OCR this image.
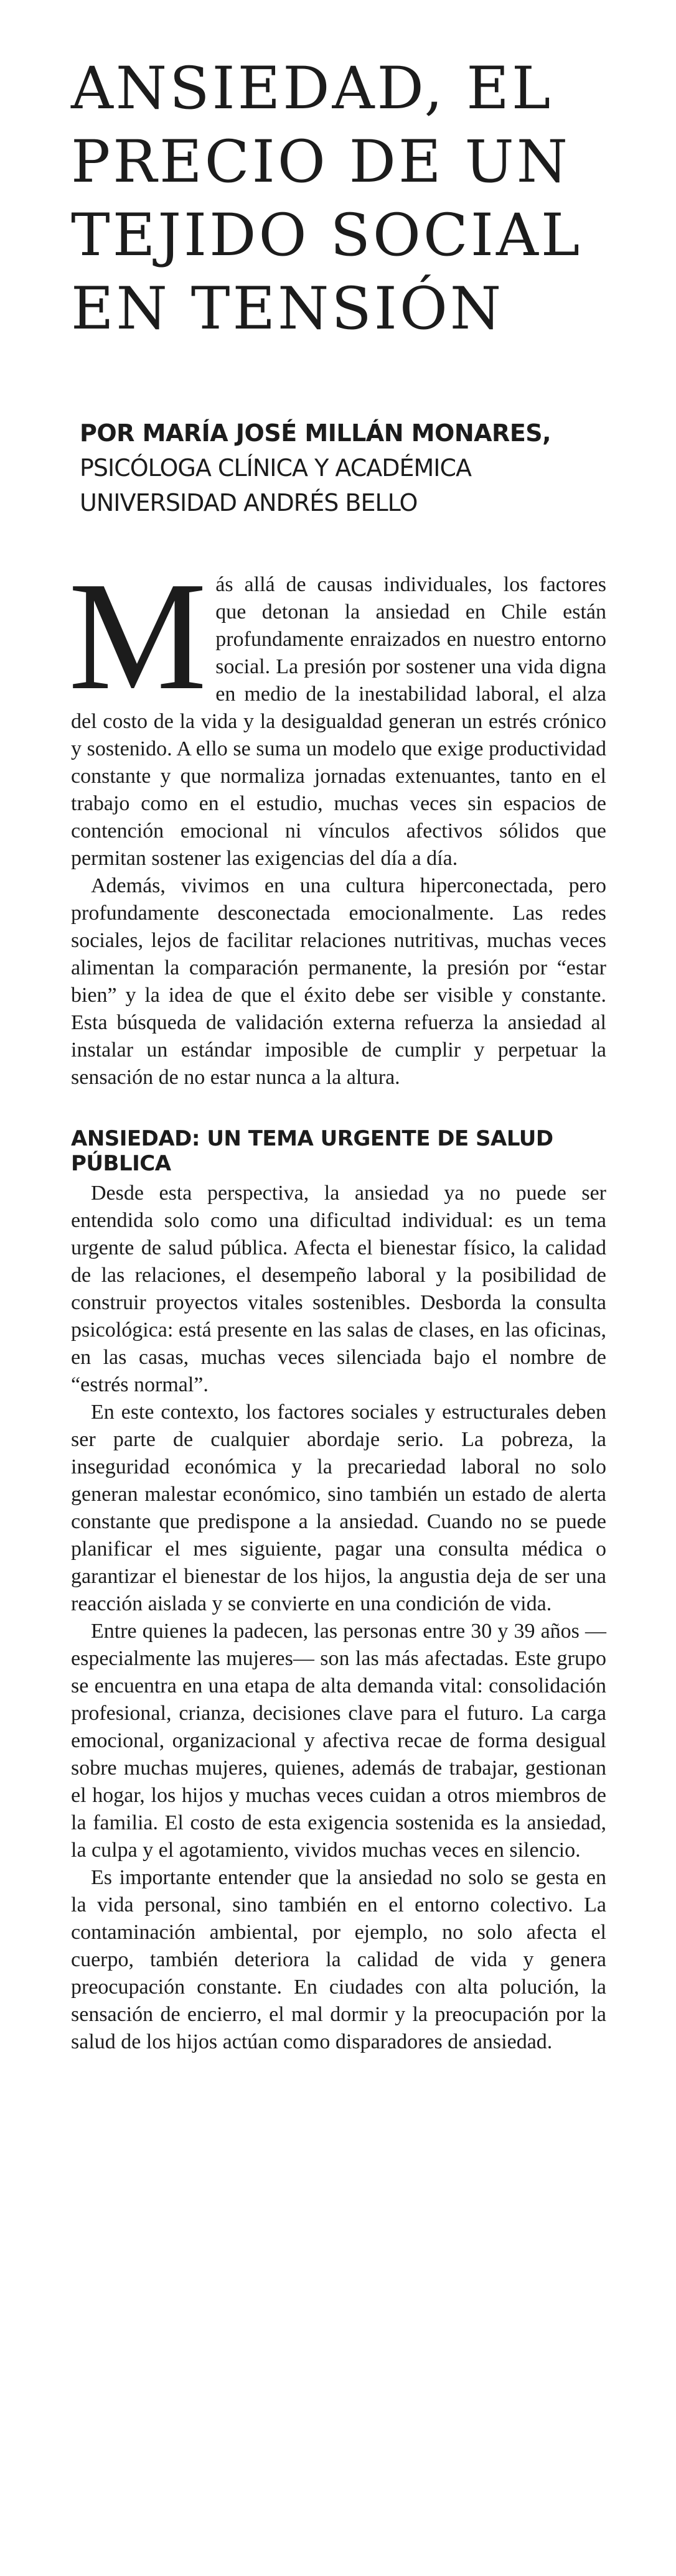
ANSIEDAD, EL
PRECIO DE UN
TEJIDO SOCIAL
EN TENSIÓN
POR MARÍA JOSÉ MILLÁN MONARES,
PSICÓLOGA CLÍNICA Y ACADÉMICA
UNIVERSIDAD ANDRÉS BELLO

Más allá de causas individuales, los factores que detonan la ansiedad en Chile están profundamente enraizados en nuestro entorno social. La presión por sostener una vida digna en medio de la inestabilidad laboral, el alza del costo de la vida y la desigualdad generan un estrés crónico y sostenido. A ello se suma un modelo que exige productividad constante y que normaliza jornadas extenuantes, tanto en el trabajo como en el estudio, muchas veces sin espacios de contención emocional ni vínculos afectivos sólidos que permitan sostener las exigencias del día a día.

Además, vivimos en una cultura hiperconectada, pero profundamente desconectada emocionalmente. Las redes sociales, lejos de facilitar relaciones nutritivas, muchas veces alimentan la comparación permanente, la presión por “estar bien” y la idea de que el éxito debe ser visible y constante. Esta búsqueda de validación externa refuerza la ansiedad al instalar un estándar imposible de cumplir y perpetuar la sensación de no estar nunca a la altura.

ANSIEDAD: UN TEMA URGENTE DE SALUD PÚBLICA

Desde esta perspectiva, la ansiedad ya no puede ser entendida solo como una dificultad individual: es un tema urgente de salud pública. Afecta el bienestar físico, la calidad de las relaciones, el desempeño laboral y la posibilidad de construir proyectos vitales sostenibles. Desborda la consulta psicológica: está presente en las salas de clases, en las oficinas, en las casas, muchas veces silenciada bajo el nombre de “estrés normal”.

En este contexto, los factores sociales y estructurales deben ser parte de cualquier abordaje serio. La pobreza, la inseguridad económica y la precariedad laboral no solo generan malestar económico, sino también un estado de alerta constante que predispone a la ansiedad. Cuando no se puede planificar el mes siguiente, pagar una consulta médica o garantizar el bienestar de los hijos, la angustia deja de ser una reacción aislada y se convierte en una condición de vida.

Entre quienes la padecen, las personas entre 30 y 39 años —especialmente las mujeres— son las más afectadas. Este grupo se encuentra en una etapa de alta demanda vital: consolidación profesional, crianza, decisiones clave para el futuro. La carga emocional, organizacional y afectiva recae de forma desigual sobre muchas mujeres, quienes, además de trabajar, gestionan el hogar, los hijos y muchas veces cuidan a otros miembros de la familia. El costo de esta exigencia sostenida es la ansiedad, la culpa y el agotamiento, vividos muchas veces en silencio.

Es importante entender que la ansiedad no solo se gesta en la vida personal, sino también en el entorno colectivo. La contaminación ambiental, por ejemplo, no solo afecta el cuerpo, también deteriora la calidad de vida y genera preocupación constante. En ciudades con alta polución, la sensación de encierro, el mal dormir y la preocupación por la salud de los hijos actúan como disparadores de ansiedad.
